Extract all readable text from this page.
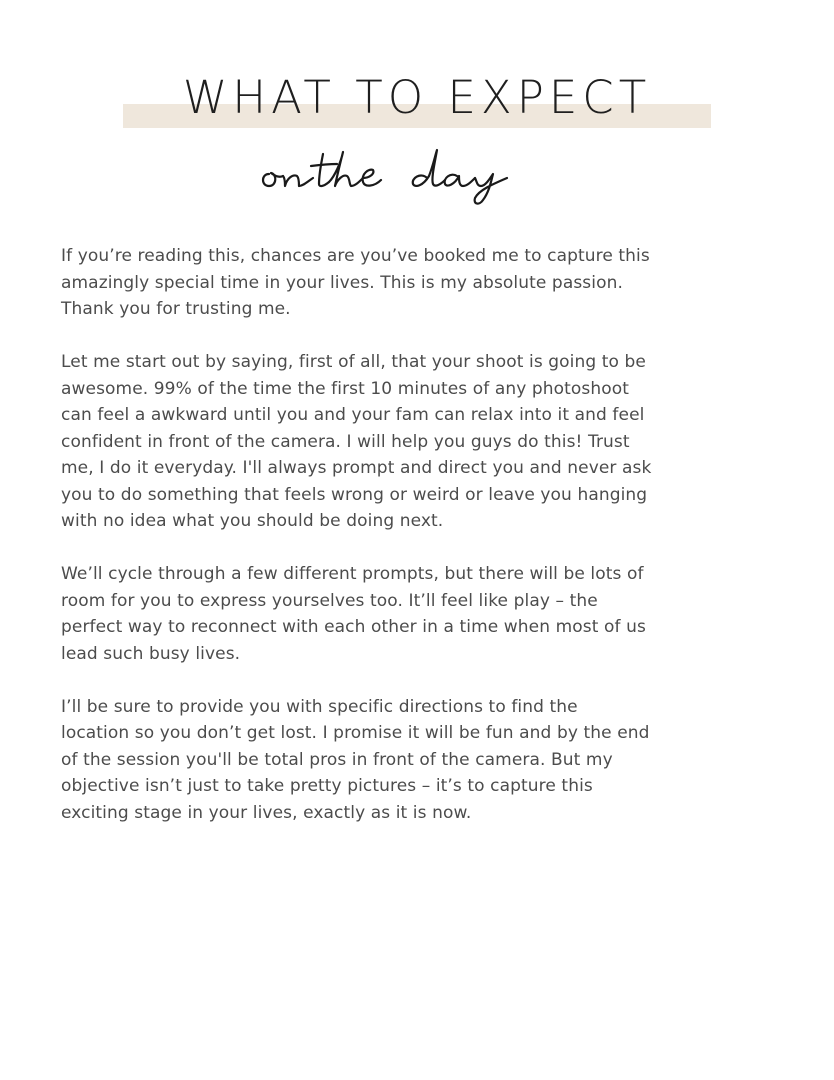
WHAT TO EXPECT

If you’re reading this, chances are you’ve booked me to capture this
amazingly special time in your lives. This is my absolute passion.
Thank you for trusting me.

Let me start out by saying, first of all, that your shoot is going to be
awesome. 99% of the time the first 10 minutes of any photoshoot
can feel a awkward until you and your fam can relax into it and feel
confident in front of the camera. I will help you guys do this! Trust
me, I do it everyday. I'll always prompt and direct you and never ask
you to do something that feels wrong or weird or leave you hanging
with no idea what you should be doing next.

We’ll cycle through a few different prompts, but there will be lots of
room for you to express yourselves too. It’ll feel like play – the
perfect way to reconnect with each other in a time when most of us
lead such busy lives.

I’ll be sure to provide you with specific directions to find the
location so you don’t get lost. I promise it will be fun and by the end
of the session you'll be total pros in front of the camera. But my
objective isn’t just to take pretty pictures – it’s to capture this
exciting stage in your lives, exactly as it is now.
